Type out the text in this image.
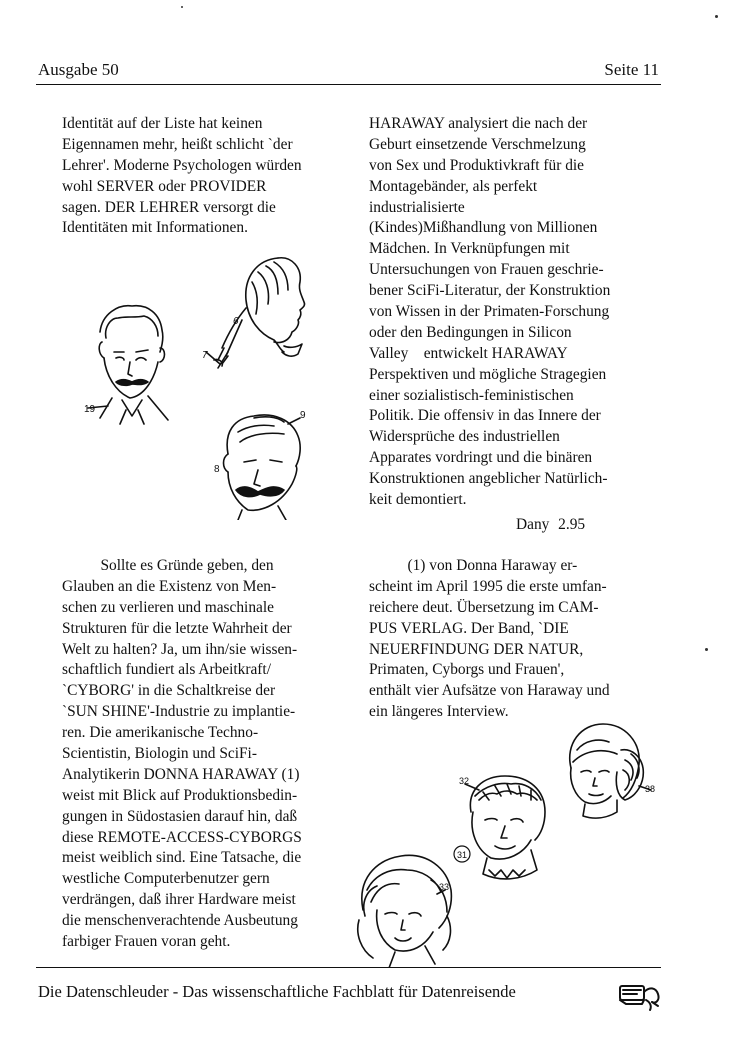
Ausgabe 50	Seite 11
Identität auf der Liste hat keinen
Eigennamen mehr, heißt schlicht `der
Lehrer'. Moderne Psychologen würden
wohl SERVER oder PROVIDER
sagen. DER LEHRER versorgt die
Identitäten mit Informationen.
6
7
19
9
8
Sollte es Gründe geben, den
Glauben an die Existenz von Men-
schen zu verlieren und maschinale
Strukturen für die letzte Wahrheit der
Welt zu halten? Ja, um ihn/sie wissen-
schaftlich fundiert als Arbeitkraft/
`CYBORG' in die Schaltkreise der
`SUN SHINE'-Industrie zu implantie-
ren. Die amerikanische Techno-
Scientistin, Biologin und SciFi-
Analytikerin DONNA HARAWAY (1)
weist mit Blick auf Produktionsbedin-
gungen in Südostasien darauf hin, daß
diese REMOTE-ACCESS-CYBORGS
meist weiblich sind. Eine Tatsache, die
westliche Computerbenutzer gern
verdrängen, daß ihrer Hardware meist
die menschenverachtende Ausbeutung
farbiger Frauen voran geht.
HARAWAY analysiert die nach der
Geburt einsetzende Verschmelzung
von Sex und Produktivkraft für die
Montagebänder, als perfekt
industrialisierte
(Kindes)Mißhandlung von Millionen
Mädchen. In Verknüpfungen mit
Untersuchungen von Frauen geschrie-
bener SciFi-Literatur, der Konstruktion
von Wissen in der Primaten-Forschung
oder den Bedingungen in Silicon
Valley    entwickelt HARAWAY
Perspektiven und mögliche Stragegien
einer sozialistisch-feministischen
Politik. Die offensiv in das Innere der
Widersprüche des industriellen
Apparates vordringt und die binären
Konstruktionen angeblicher Natürlich-
keit demontiert.
Dany 2.95
(1) von Donna Haraway er-
scheint im April 1995 die erste umfan-
reichere deut. Übersetzung im CAM-
PUS VERLAG. Der Band, `DIE
NEUERFINDUNG DER NATUR,
Primaten, Cyborgs und Frauen',
enthält vier Aufsätze von Haraway und
ein längeres Interview.
38
32
31
33
Die Datenschleuder - Das wissenschaftliche Fachblatt für Datenreisende
